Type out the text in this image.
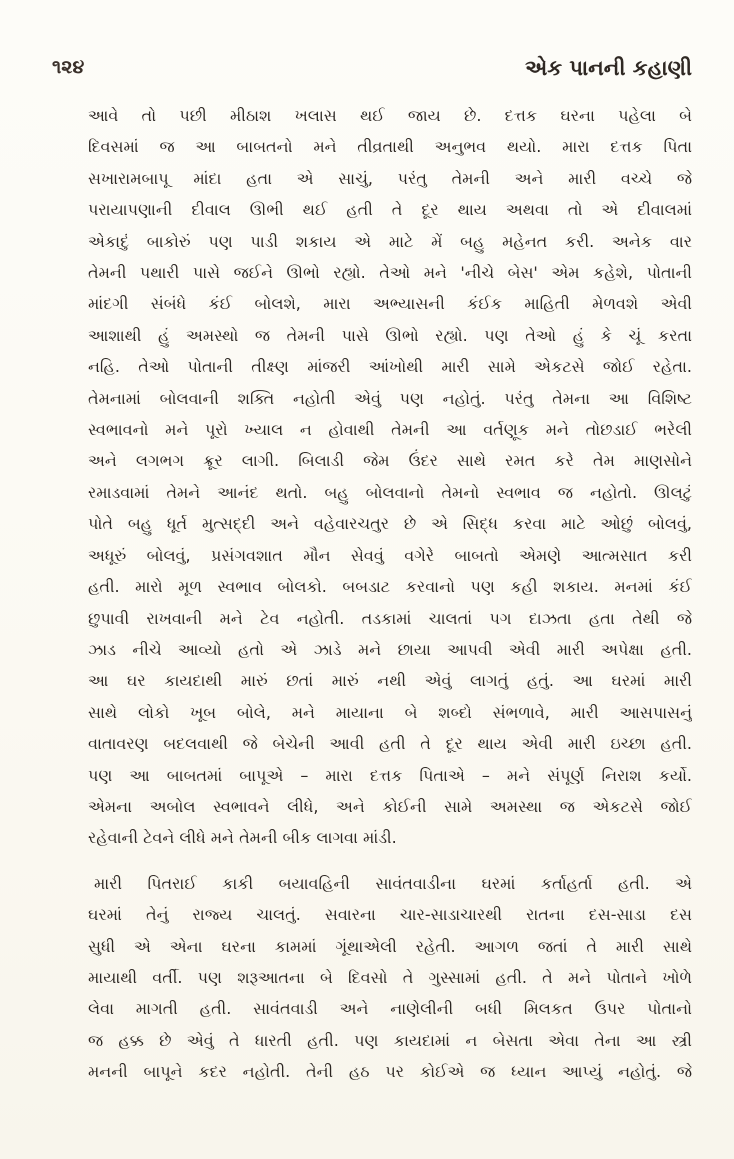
૧૨૪	એક પાનની કહાણી
આવે તો પછી મીઠાશ ખલાસ થઈ જાય છે. દત્તક ઘરના પહેલા બે
દિવસમાં જ આ બાબતનો મને તીવ્રતાથી અનુભવ થયો. મારા દત્તક પિતા
સખારામબાપૂ માંદા હતા એ સાચું, પરંતુ તેમની અને મારી વચ્ચે જે
પરાયાપણાની દીવાલ ઊભી થઈ હતી તે દૂર થાય અથવા તો એ દીવાલમાં
એકાદું બાકોરું પણ પાડી શકાય એ માટે મેં બહુ મહેનત કરી. અનેક વાર
તેમની પથારી પાસે જઈને ઊભો રહ્યો. તેઓ મને 'નીચે બેસ' એમ કહેશે, પોતાની
માંદગી સંબંધે કંઈ બોલશે, મારા અભ્યાસની કંઈક માહિતી મેળવશે એવી
આશાથી હું અમસ્થો જ તેમની પાસે ઊભો રહ્યો. પણ તેઓ હું કે ચૂં કરતા
નહિ. તેઓ પોતાની તીક્ષ્ણ માંજરી આંખોથી મારી સામે એકટસે જોઈ રહેતા.
તેમનામાં બોલવાની શક્તિ નહોતી એવું પણ નહોતું. પરંતુ તેમના આ વિશિષ્ટ
સ્વભાવનો મને પૂરો ખ્યાલ ન હોવાથી તેમની આ વર્તણૂક મને તોછડાઈ ભરેલી
અને લગભગ ક્રૂર લાગી. બિલાડી જેમ ઉંદર સાથે રમત કરે તેમ માણસોને
રમાડવામાં તેમને આનંદ થતો. બહુ બોલવાનો તેમનો સ્વભાવ જ નહોતો. ઊલટું
પોતે બહુ ધૂર્ત મુત્સદ્દી અને વહેવારચતુર છે એ સિદ્ધ કરવા માટે ઓછું બોલવું,
અધૂરું બોલવું, પ્રસંગવશાત મૌન સેવવું વગેરે બાબતો એમણે આત્મસાત કરી
હતી. મારો મૂળ સ્વભાવ બોલકો. બબડાટ કરવાનો પણ કહી શકાય. મનમાં કંઈ
છુપાવી રાખવાની મને ટેવ નહોતી. તડકામાં ચાલતાં પગ દાઝતા હતા તેથી જે
ઝાડ નીચે આવ્યો હતો એ ઝાડે મને છાયા આપવી એવી મારી અપેક્ષા હતી.
આ ઘર કાયદાથી મારું છતાં મારું નથી એવું લાગતું હતું. આ ઘરમાં મારી
સાથે લોકો ખૂબ બોલે, મને માયાના બે શબ્દો સંભળાવે, મારી આસપાસનું
વાતાવરણ બદલવાથી જે બેચેની આવી હતી તે દૂર થાય એવી મારી ઇચ્છા હતી.
પણ આ બાબતમાં બાપૂએ – મારા દત્તક પિતાએ – મને સંપૂર્ણ નિરાશ કર્યો.
એમના અબોલ સ્વભાવને લીધે, અને કોઈની સામે અમસ્થા જ એકટસે જોઈ
રહેવાની ટેવને લીધે મને તેમની બીક લાગવા માંડી.
મારી પિતરાઈ કાકી બયાવહિની સાવંતવાડીના ઘરમાં કર્તાહર્તા હતી. એ
ઘરમાં તેનું રાજ્ય ચાલતું. સવારના ચાર-સાડાચારથી રાતના દસ-સાડા દસ
સુધી એ એના ઘરના કામમાં ગૂંથાએલી રહેતી. આગળ જતાં તે મારી સાથે
માયાથી વર્તી. પણ શરૂઆતના બે દિવસો તે ગુસ્સામાં હતી. તે મને પોતાને ખોળે
લેવા માગતી હતી. સાવંતવાડી અને નાણેલીની બધી મિલકત ઉપર પોતાનો
જ હક્ક છે એવું તે ધારતી હતી. પણ કાયદામાં ન બેસતા એવા તેના આ સ્ત્રી
મનની બાપૂને કદર નહોતી. તેની હઠ પર કોઈએ જ ધ્યાન આપ્યું નહોતું. જે
